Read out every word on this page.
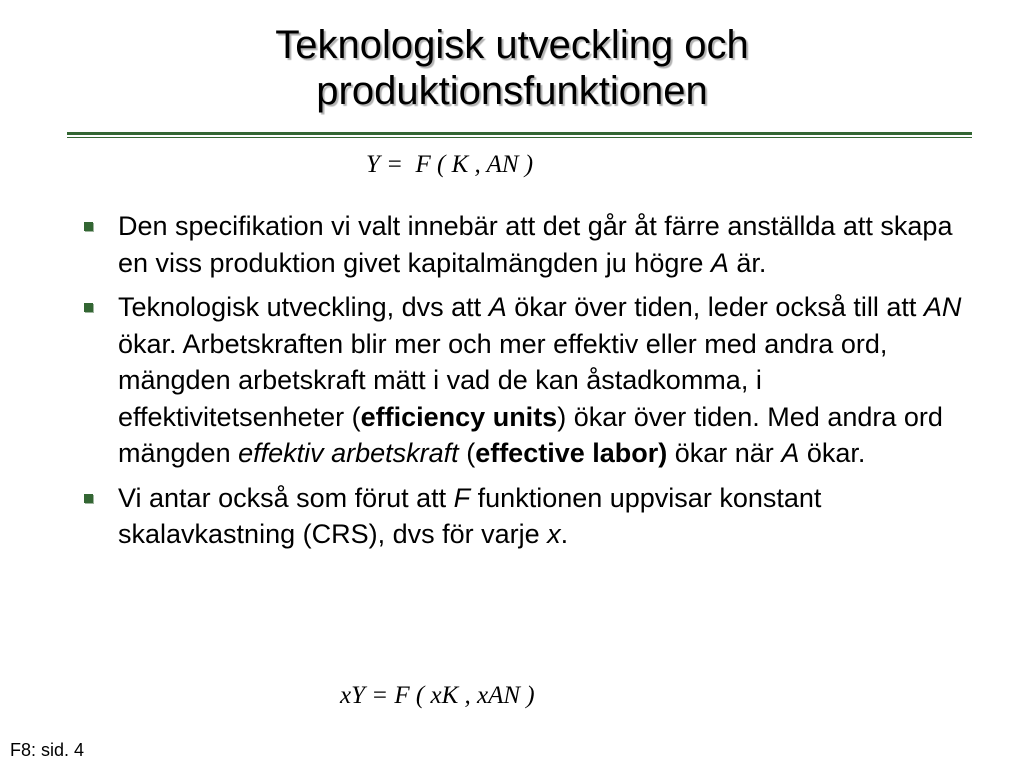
Teknologisk utveckling och
produktionsfunktionen
Y =  F ( K , AN )
Den specifikation vi valt innebär att det går åt färre anställda att skapa en viss produktion givet kapitalmängden ju högre A är.
Teknologisk utveckling, dvs att A ökar över tiden, leder också till att AN ökar. Arbetskraften blir mer och mer effektiv eller med andra ord, mängden arbetskraft mätt i vad de kan åstadkomma, i effektivitetsenheter (efficiency units) ökar över tiden. Med andra ord mängden effektiv arbetskraft (effective labor) ökar när A ökar.
Vi antar också som förut att F funktionen uppvisar konstant skalavkastning (CRS), dvs för varje x.
xY = F ( xK , xAN )
F8: sid. 4
